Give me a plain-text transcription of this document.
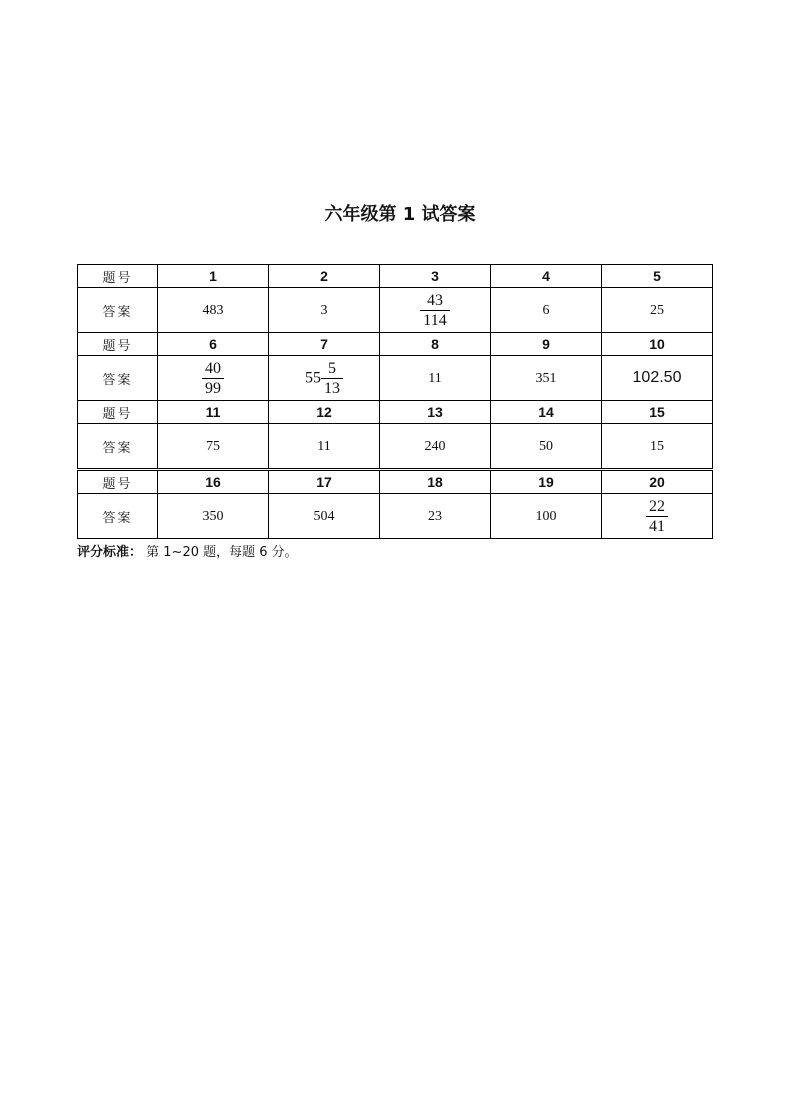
六年级第 1 试答案
题号	1	2	3	4	5
答案	483	3	$\frac{43}{114}$	6	25
题号	6	7	8	9	10
答案	$\frac{40}{99}$	$55 \frac{5}{13}$	11	351	102.50
题号	11	12	13	14	15
答案	75	11	240	50	15
题号	16	17	18	19	20
答案	350	504	23	100	$\frac{22}{41}$
评分标准： 第 1~20 题，每题 6 分。
